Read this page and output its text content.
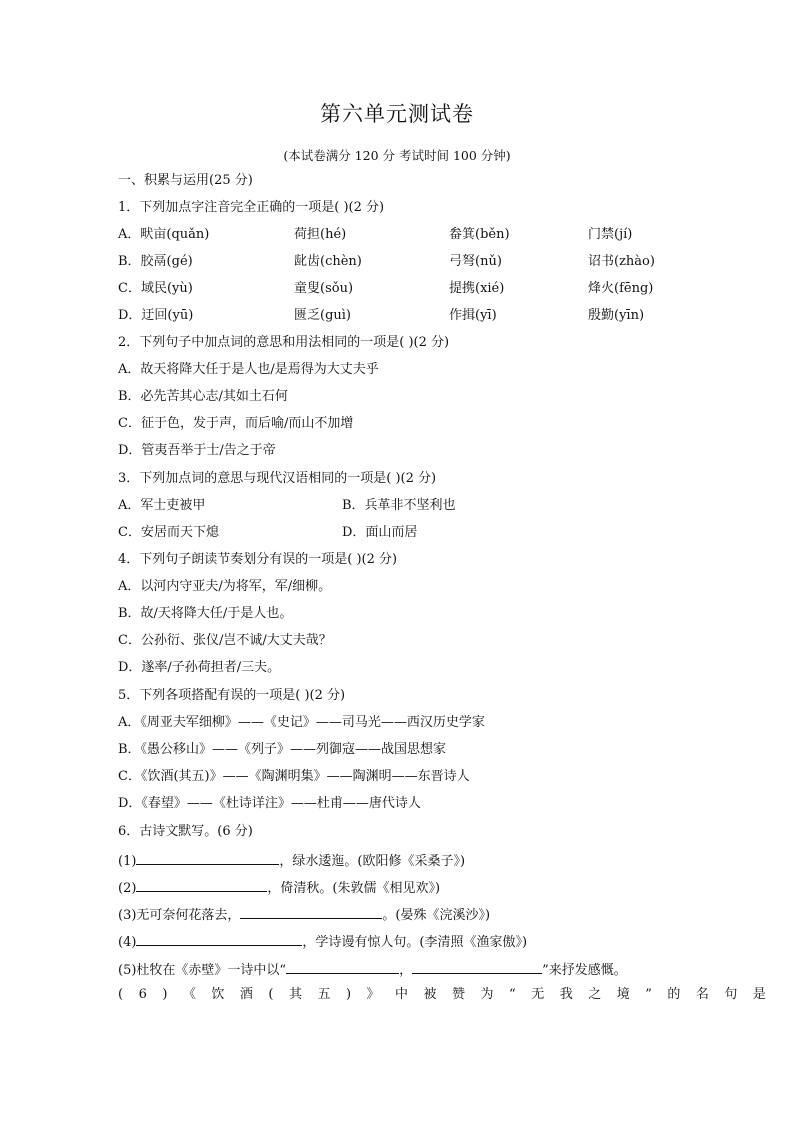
第六单元测试卷
(本试卷满分 120 分 考试时间 100 分钟)
一、积累与运用(25 分)
1．下列加点字注音完全正确的一项是( )(2 分)
A．畎亩(quǎn)	荷担(hé)	畚箕(běn)	门禁(jí)
B．胶鬲(gé)	龀齿(chèn)	弓弩(nǔ)	诏书(zhào)
C．域民(yù)	童叟(sǒu)	提携(xié)	烽火(fēng)
D．迂回(yū)	匮乏(guì)	作揖(yī)	殷勤(yīn)
2．下列句子中加点词的意思和用法相同的一项是( )(2 分)
A．故天将降大任于是人也/是焉得为大丈夫乎
B．必先苦其心志/其如土石何
C．征于色，发于声，而后喻/而山不加增
D．管夷吾举于士/告之于帝
3．下列加点词的意思与现代汉语相同的一项是( )(2 分)
A．军士吏被甲	B．兵革非不坚利也
C．安居而天下熄	D．面山而居
4．下列句子朗读节奏划分有误的一项是( )(2 分)
A．以河内守亚夫/为将军，军/细柳。
B．故/天将降大任/于是人也。
C．公孙衍、张仪/岂不诚/大丈夫哉？
D．遂率/子孙荷担者/三夫。
5．下列各项搭配有误的一项是( )(2 分)
A．《周亚夫军细柳》——《史记》——司马光——西汉历史学家
B．《愚公移山》——《列子》——列御寇——战国思想家
C．《饮酒(其五)》——《陶渊明集》——陶渊明——东晋诗人
D．《春望》——《杜诗详注》——杜甫——唐代诗人
6．古诗文默写。(6 分)
(1)	，绿水逶迤。(欧阳修《采桑子》)
(2)	，倚清秋。(朱敦儒《相见欢》)
(3)无可奈何花落去，	。(晏殊《浣溪沙》)
(4)	，学诗谩有惊人句。(李清照《渔家傲》)
(5)杜牧在《赤壁》一诗中以“	，	”来抒发感慨。
(6)《饮酒(其五)》中被赞为“无我之境”的名句是
